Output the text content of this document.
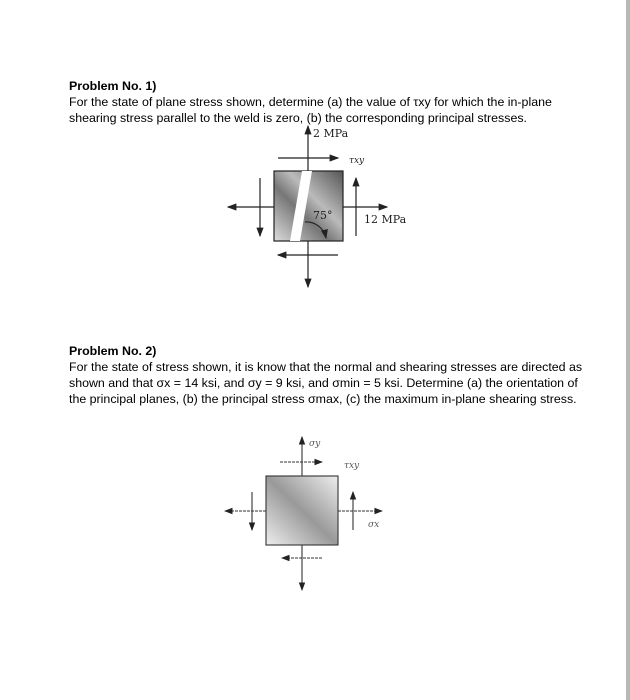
Problem No. 1)

For the state of plane stress shown, determine (a) the value of τxy for which the in-plane shearing stress parallel to the weld is zero, (b) the corresponding principal stresses.

Problem No. 2)

For the state of stress shown, it is know that the normal and shearing stresses are directed as shown and that σx = 14 ksi, and σy = 9 ksi, and σmin = 5 ksi. Determine (a) the orientation of the principal planes, (b) the principal stress σmax, (c) the maximum in-plane shearing stress.

2 MPa
τxy
12 MPa
75°
σy
τxy
σx
